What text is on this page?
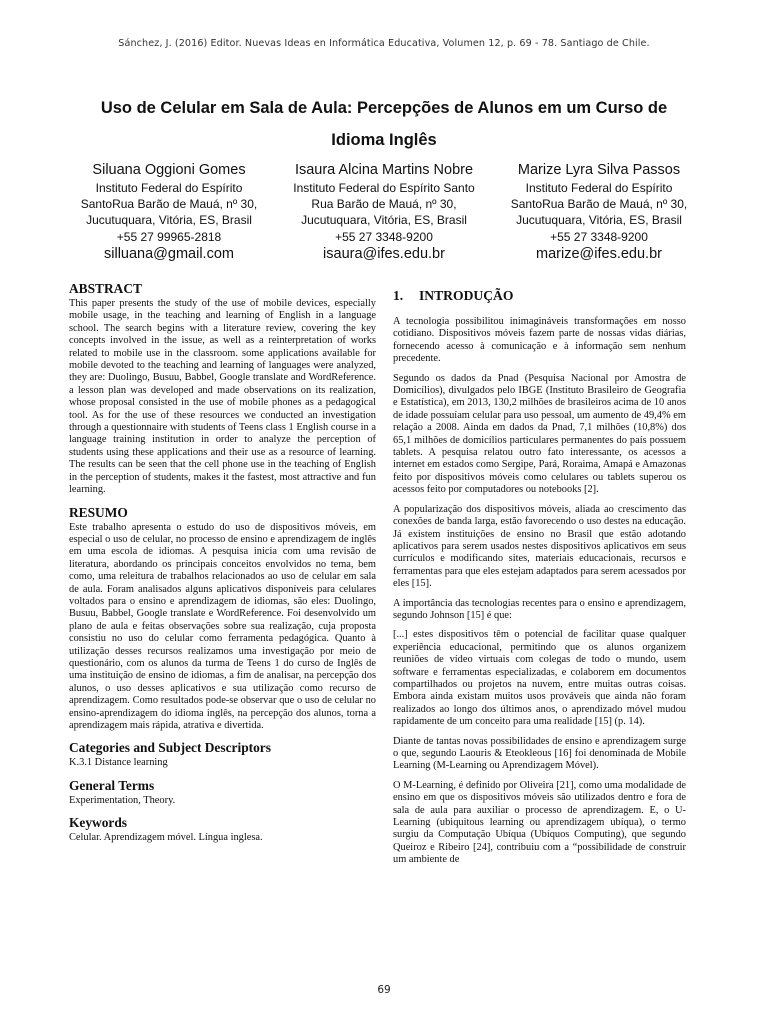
Sánchez, J. (2016) Editor. Nuevas Ideas en Informática Educativa, Volumen 12, p. 69 - 78. Santiago de Chile.
Uso de Celular em Sala de Aula: Percepções de Alunos em um Curso de
Idioma Inglês
Siluana Oggioni Gomes
Instituto Federal do Espírito
SantoRua Barão de Mauá, nº 30,
Jucutuquara, Vitória, ES, Brasil
+55 27 99965-2818
silluana@gmail.com
Isaura Alcina Martins Nobre
Instituto Federal do Espírito Santo
Rua Barão de Mauá, nº 30,
Jucutuquara, Vitória, ES, Brasil
+55 27 3348-9200
isaura@ifes.edu.br
Marize Lyra Silva Passos
Instituto Federal do Espírito
SantoRua Barão de Mauá, nº 30,
Jucutuquara, Vitória, ES, Brasil
+55 27 3348-9200
marize@ifes.edu.br
ABSTRACT

This paper presents the study of the use of mobile devices, especially mobile usage, in the teaching and learning of English in a language school. The search begins with a literature review, covering the key concepts involved in the issue, as well as a reinterpretation of works related to mobile use in the classroom. some applications available for mobile devoted to the teaching and learning of languages were analyzed, they are: Duolingo, Busuu, Babbel, Google translate and WordReference. a lesson plan was developed and made observations on its realization, whose proposal consisted in the use of mobile phones as a pedagogical tool. As for the use of these resources we conducted an investigation through a questionnaire with students of Teens class 1 English course in a language training institution in order to analyze the perception of students using these applications and their use as a resource of learning. The results can be seen that the cell phone use in the teaching of English in the perception of students, makes it the fastest, most attractive and fun learning.

RESUMO

Este trabalho apresenta o estudo do uso de dispositivos móveis, em especial o uso de celular, no processo de ensino e aprendizagem de inglês em uma escola de idiomas. A pesquisa inicia com uma revisão de literatura, abordando os principais conceitos envolvidos no tema, bem como, uma releitura de trabalhos relacionados ao uso de celular em sala de aula. Foram analisados alguns aplicativos disponíveis para celulares voltados para o ensino e aprendizagem de idiomas, são eles: Duolingo, Busuu, Babbel, Google translate e WordReference. Foi desenvolvido um plano de aula e feitas observações sobre sua realização, cuja proposta consistiu no uso do celular como ferramenta pedagógica. Quanto à utilização desses recursos realizamos uma investigação por meio de questionário, com os alunos da turma de Teens 1 do curso de Inglês de uma instituição de ensino de idiomas, a fim de analisar, na percepção dos alunos, o uso desses aplicativos e sua utilização como recurso de aprendizagem. Como resultados pode-se observar que o uso de celular no ensino-aprendizagem do idioma inglês, na percepção dos alunos, torna a aprendizagem mais rápida, atrativa e divertida.

Categories and Subject Descriptors

K.3.1 Distance learning

General Terms

Experimentation, Theory.

Keywords

Celular. Aprendizagem móvel. Língua inglesa.

1. INTRODUÇÃO

A tecnologia possibilitou inimagináveis transformações em nosso cotidiano. Dispositivos móveis fazem parte de nossas vidas diárias, fornecendo acesso à comunicação e à informação sem nenhum precedente.

Segundo os dados da Pnad (Pesquisa Nacional por Amostra de Domicílios), divulgados pelo IBGE (Instituto Brasileiro de Geografia e Estatística), em 2013, 130,2 milhões de brasileiros acima de 10 anos de idade possuíam celular para uso pessoal, um aumento de 49,4% em relação a 2008. Ainda em dados da Pnad, 7,1 milhões (10,8%) dos 65,1 milhões de domicílios particulares permanentes do país possuem tablets. A pesquisa relatou outro fato interessante, os acessos a internet em estados como Sergipe, Pará, Roraima, Amapá e Amazonas feito por dispositivos móveis como celulares ou tablets superou os acessos feito por computadores ou notebooks [2].

A popularização dos dispositivos móveis, aliada ao crescimento das conexões de banda larga, estão favorecendo o uso destes na educação. Já existem instituições de ensino no Brasil que estão adotando aplicativos para serem usados nestes dispositivos aplicativos em seus currículos e modificando sites, materiais educacionais, recursos e ferramentas para que eles estejam adaptados para serem acessados por eles [15].

A importância das tecnologias recentes para o ensino e aprendizagem, segundo Johnson [15] é que:

[...] estes dispositivos têm o potencial de facilitar quase qualquer experiência educacional, permitindo que os alunos organizem reuniões de vídeo virtuais com colegas de todo o mundo, usem software e ferramentas especializadas, e colaborem em documentos compartilhados ou projetos na nuvem, entre muitas outras coisas. Embora ainda existam muitos usos prováveis que ainda não foram realizados ao longo dos últimos anos, o aprendizado móvel mudou rapidamente de um conceito para uma realidade [15] (p. 14).

Diante de tantas novas possibilidades de ensino e aprendizagem surge o que, segundo Laouris & Eteokleous [16] foi denominada de Mobile Learning (M-Learning ou Aprendizagem Móvel).

O M-Learning, é definido por Oliveira [21], como uma modalidade de ensino em que os dispositivos móveis são utilizados dentro e fora de sala de aula para auxiliar o processo de aprendizagem. E, o U-Learning (ubiquitous learning ou aprendizagem ubíqua), o termo surgiu da Computação Ubíqua (Ubíquos Computing), que segundo Queiroz e Ribeiro [24], contribuiu com a “possibilidade de construir um ambiente de

69
